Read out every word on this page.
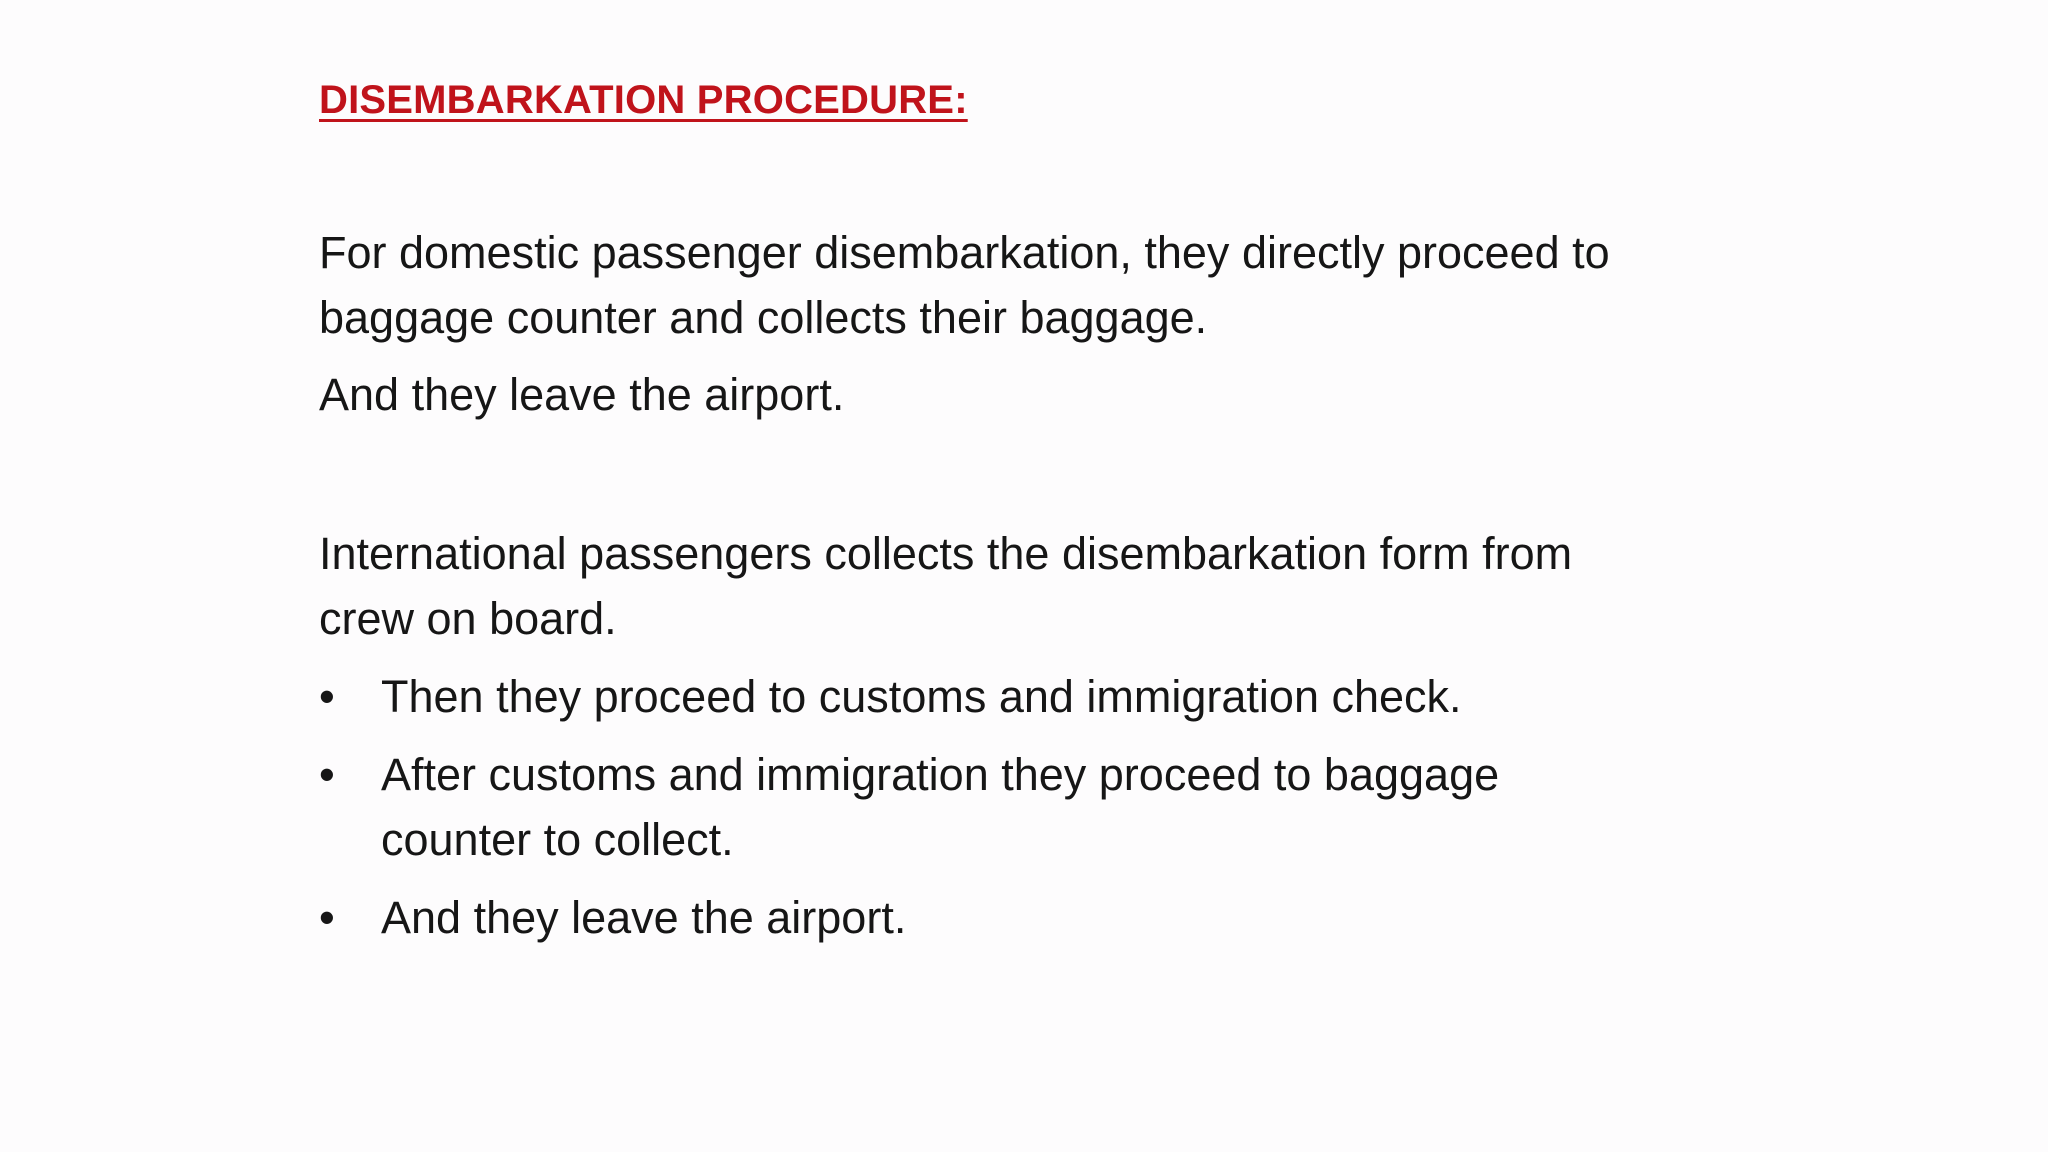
DISEMBARKATION PROCEDURE:
For domestic passenger disembarkation, they directly proceed to
baggage counter and collects their baggage.
And they leave the airport.
International passengers collects the disembarkation form from
crew on board.
• Then they proceed to customs and immigration check.
• After customs and immigration they proceed to baggage
counter to collect.
• And they leave the airport.
